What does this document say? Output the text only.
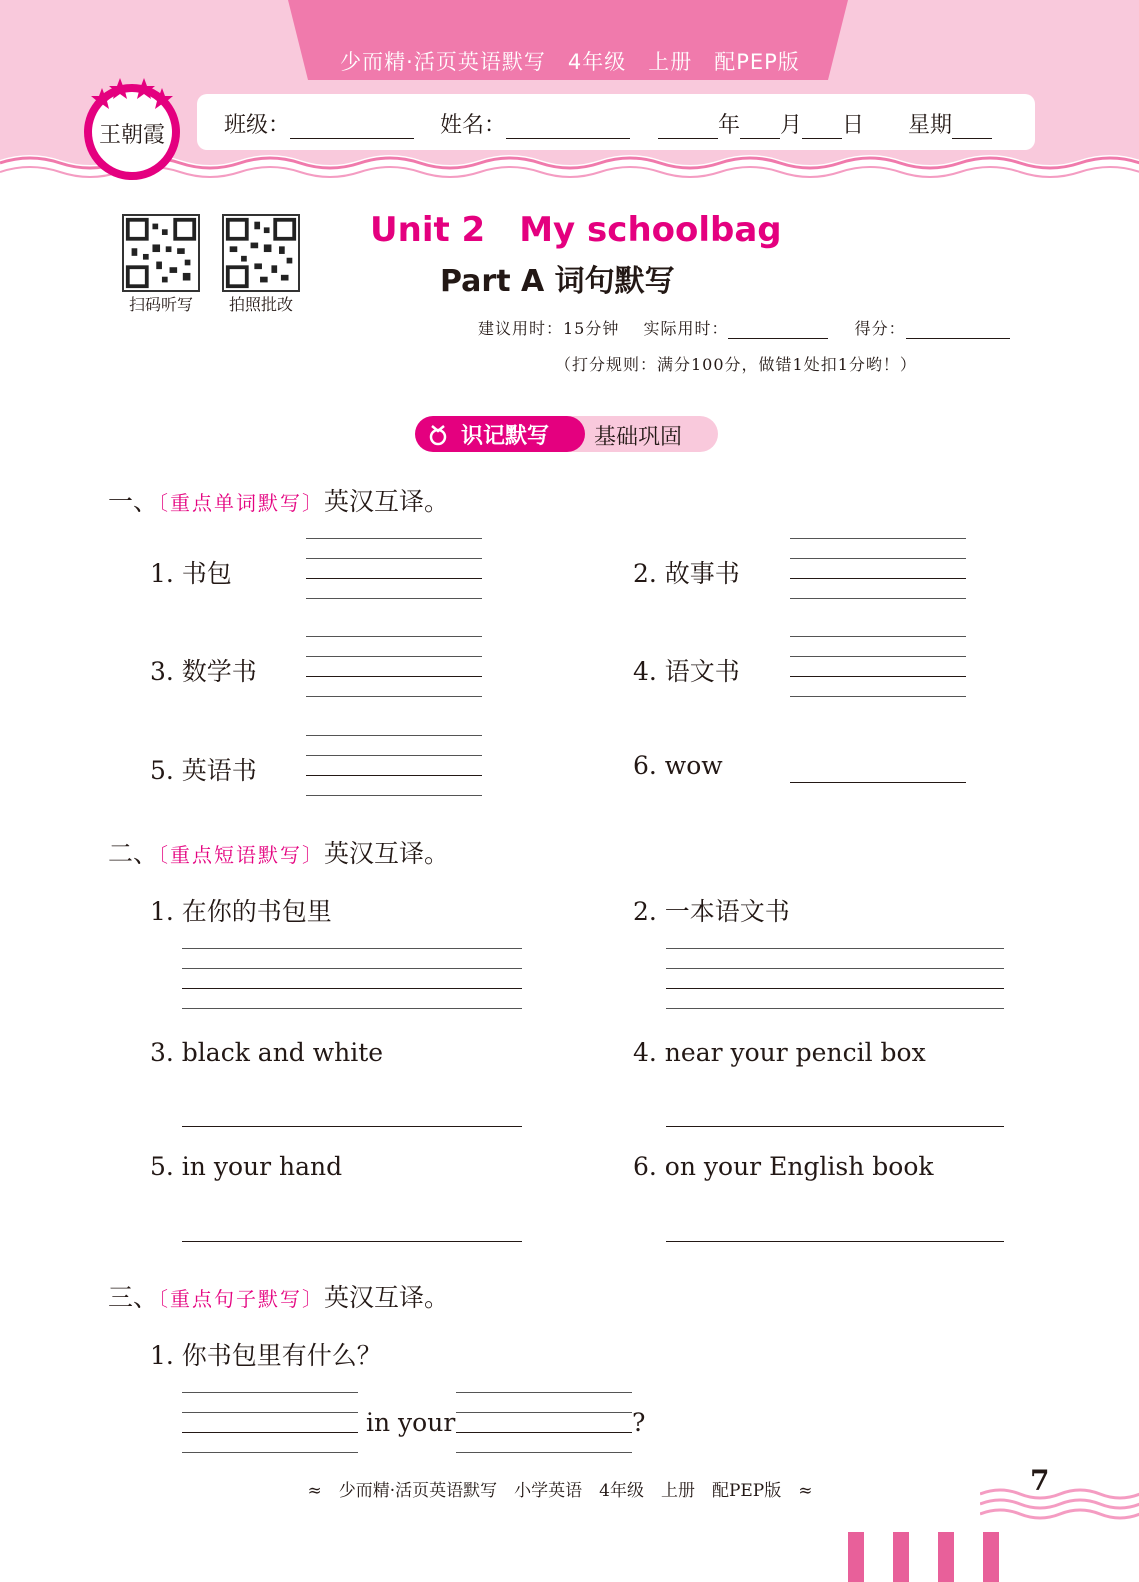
少而精·活页英语默写　4年级　上册　配PEP版
王朝霞	班级：	姓名：	年 月 日 星期
扫码听写	拍照批改
Unit 2　My schoolbag
Part A 词句默写
建议用时：15分钟 实际用时：	得分：
（打分规则：满分100分，做错1处扣1分哟！）
基础巩固
识记默写
一、〔重点单词默写〕英汉互译。
1. 书包	2. 故事书
3. 数学书	4. 语文书
5. 英语书	6. wow
二、〔重点短语默写〕英汉互译。
1. 在你的书包里	2. 一本语文书
3. black and white	4. near your pencil box
5. in your hand	6. on your English book
三、〔重点句子默写〕英汉互译。
1. 你书包里有什么？
in your	?
≈　少而精·活页英语默写　小学英语　4年级　上册　配PEP版　≈	7
